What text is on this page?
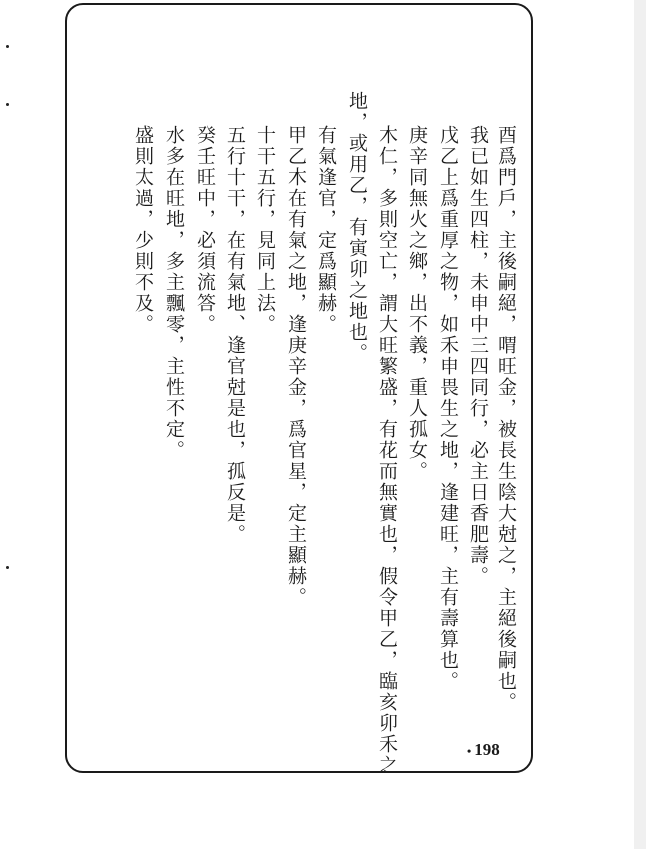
酉爲門戶，主後嗣絕，喟旺金，被長生陰大尅之，主絕後嗣也。
我已如生四柱，未申中三四同行，必主日香肥壽。
戊乙上爲重厚之物，如禾申畏生之地，逢建旺，主有壽算也。
庚辛同無火之鄉，出不義，重人孤女。
木仁，多則空亡，謂大旺繁盛，有花而無實也，假令甲乙，臨亥卯禾之
地，或用乙，有寅卯之地也。
有氣逢官，定爲顯赫。
甲乙木在有氣之地，逢庚辛金，爲官星，定主顯赫。
十干五行，見同上法。
五行十干，在有氣地、逢官尅是也，孤反是。
癸壬旺中，必須流答。
水多在旺地，多主飄零，主性不定。
盛則太過，少則不及。
• 198
